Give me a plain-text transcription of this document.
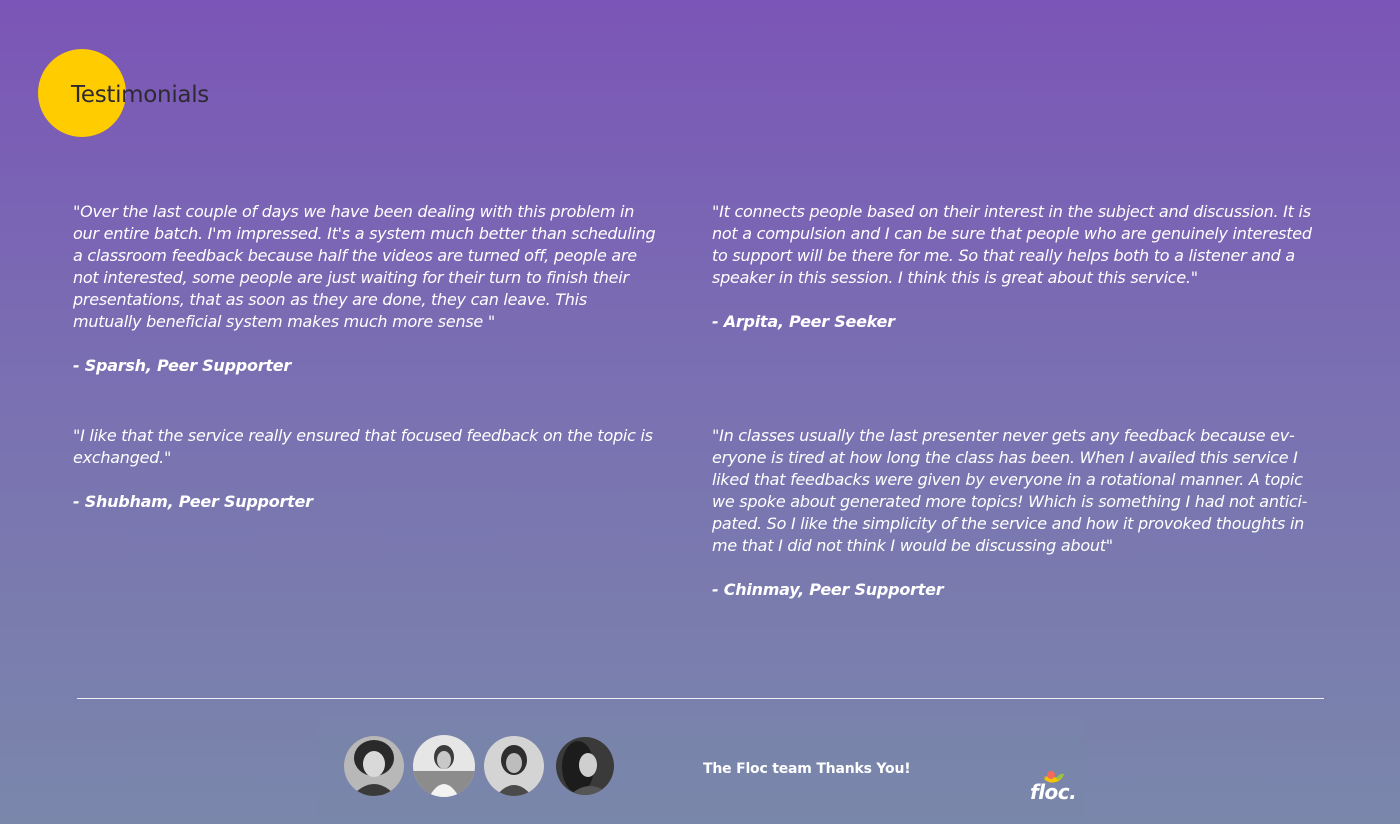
Testimonials

"Over the last couple of days we have been dealing with this problem in
our entire batch. I'm impressed. It's a system much better than scheduling
a classroom feedback because half the videos are turned off, people are
not interested, some people are just waiting for their turn to finish their
presentations, that as soon as they are done, they can leave. This
mutually beneficial system makes much more sense "

- Sparsh, Peer Supporter

"It connects people based on their interest in the subject and discussion. It is
not a compulsion and I can be sure that people who are genuinely interested
to support will be there for me. So that really helps both to a listener and a
speaker in this session. I think this is great about this service."

- Arpita, Peer Seeker

"I like that the service really ensured that focused feedback on the topic is
exchanged."

- Shubham, Peer Supporter

"In classes usually the last presenter never gets any feedback because ev-
eryone is tired at how long the class has been. When I availed this service I
liked that feedbacks were given by everyone in a rotational manner. A topic
we spoke about generated more topics! Which is something I had not antici-
pated. So I like the simplicity of the service and how it provoked thoughts in
me that I did not think I would be discussing about"

- Chinmay, Peer Supporter

The Floc team Thanks You!
floc.
